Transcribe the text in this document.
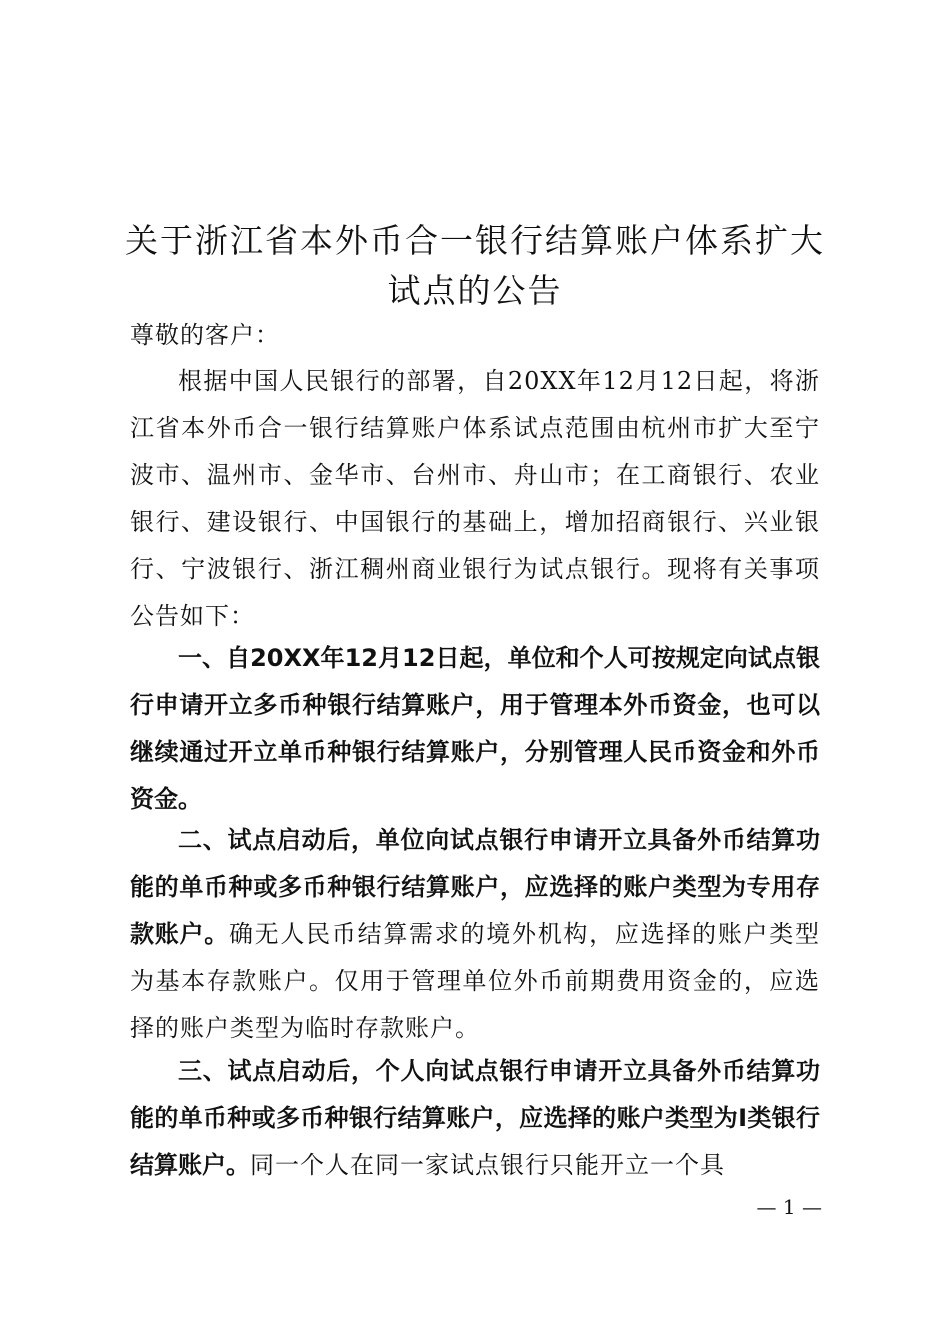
关于浙江省本外币合一银行结算账户体系扩大试点的公告
尊敬的客户：
根据中国人民银行的部署，自20XX年12月12日起，将浙江省本外币合一银行结算账户体系试点范围由杭州市扩大至宁波市、温州市、金华市、台州市、舟山市；在工商银行、农业银行、建设银行、中国银行的基础上，增加招商银行、兴业银行、宁波银行、浙江稠州商业银行为试点银行。现将有关事项公告如下：
一、自20XX年12月12日起，单位和个人可按规定向试点银行申请开立多币种银行结算账户，用于管理本外币资金，也可以继续通过开立单币种银行结算账户，分别管理人民币资金和外币资金。
二、试点启动后，单位向试点银行申请开立具备外币结算功能的单币种或多币种银行结算账户，应选择的账户类型为专用存款账户。确无人民币结算需求的境外机构，应选择的账户类型为基本存款账户。仅用于管理单位外币前期费用资金的，应选择的账户类型为临时存款账户。
三、试点启动后，个人向试点银行申请开立具备外币结算功能的单币种或多币种银行结算账户，应选择的账户类型为Ⅰ类银行结算账户。同一个人在同一家试点银行只能开立一个具
— 1 —
